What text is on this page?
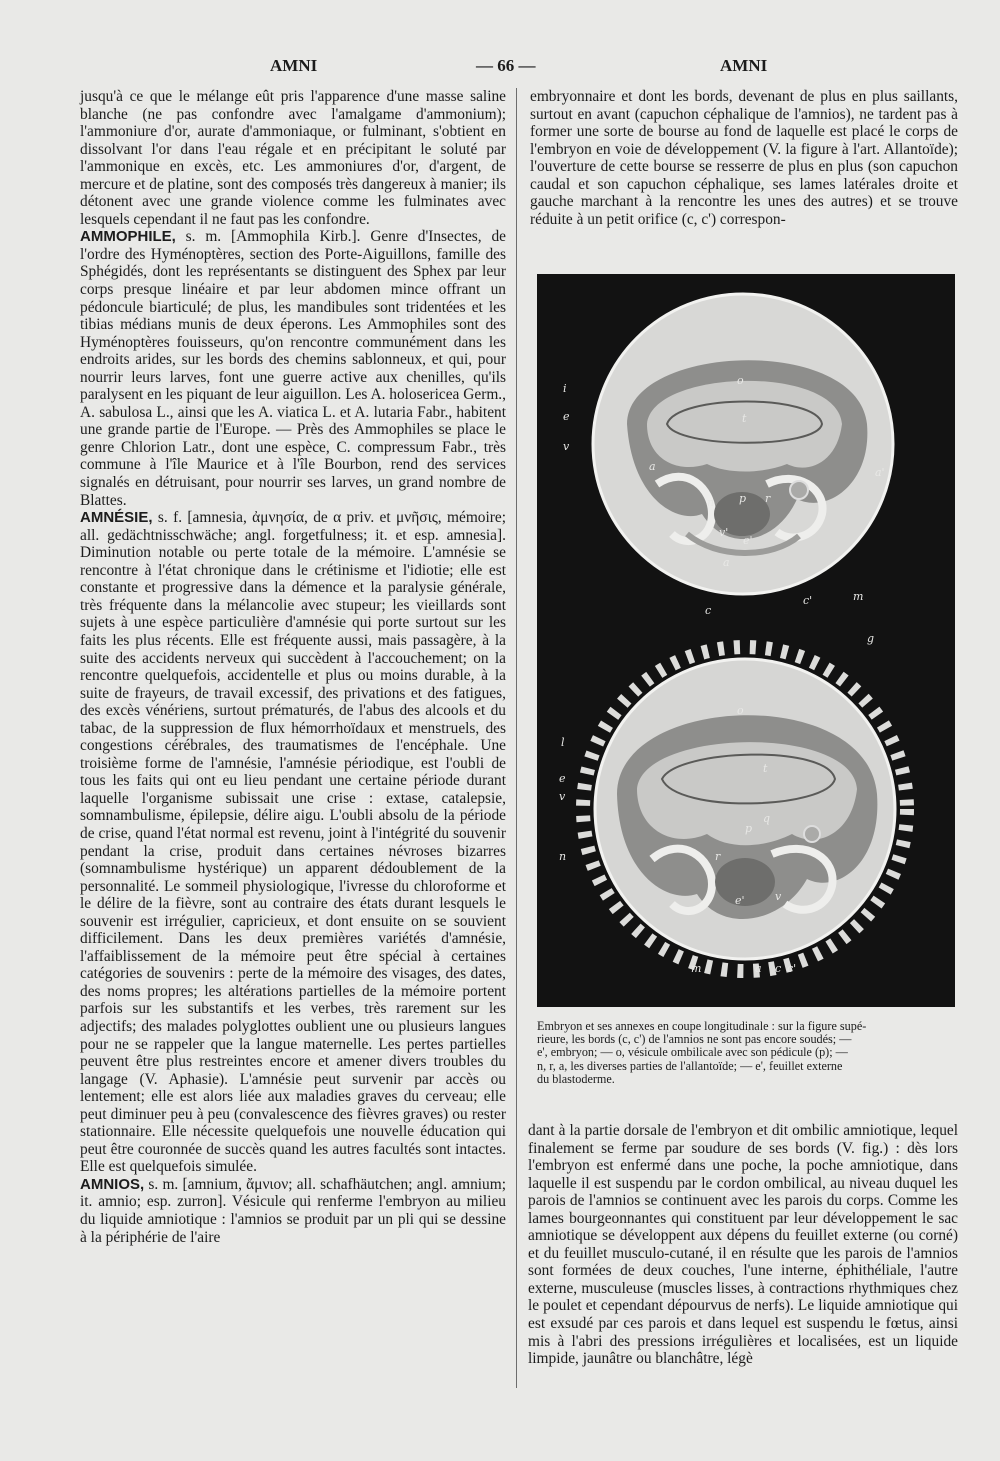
AMNI	— 66 —	AMNI

jusqu'à ce que le mélange eût pris l'apparence d'une masse saline blanche (ne pas confondre avec l'amalgame d'ammonium); l'ammoniure d'or, aurate d'ammoniaque, or fulminant, s'obtient en dissolvant l'or dans l'eau régale et en précipitant le soluté par l'ammonique en excès, etc. Les ammoniures d'or, d'argent, de mercure et de platine, sont des composés très dangereux à manier; ils détonent avec une grande violence comme les fulminates avec lesquels cependant il ne faut pas les confondre.

AMMOPHILE, s. m. [Ammophila Kirb.]. Genre d'Insectes, de l'ordre des Hyménoptères, section des Porte-Aiguillons, famille des Sphégidés, dont les représentants se distinguent des Sphex par leur corps presque linéaire et par leur abdomen mince offrant un pédoncule biarticulé; de plus, les mandibules sont tridentées et les tibias médians munis de deux éperons. Les Ammophiles sont des Hyménoptères fouisseurs, qu'on rencontre communément dans les endroits arides, sur les bords des chemins sablonneux, et qui, pour nourrir leurs larves, font une guerre active aux chenilles, qu'ils paralysent en les piquant de leur aiguillon. Les A. holosericea Germ., A. sabulosa L., ainsi que les A. viatica L. et A. lutaria Fabr., habitent une grande partie de l'Europe. — Près des Ammophiles se place le genre Chlorion Latr., dont une espèce, C. compressum Fabr., très commune à l'île Maurice et à l'île Bourbon, rend des services signalés en détruisant, pour nourrir ses larves, un grand nombre de Blattes.

AMNÉSIE, s. f. [amnesia, ἀμνησία, de α priv. et μνῆσις, mémoire; all. gedächtnisschwäche; angl. forgetfulness; it. et esp. amnesia]. Diminution notable ou perte totale de la mémoire. L'amnésie se rencontre à l'état chronique dans le crétinisme et l'idiotie; elle est constante et progressive dans la démence et la paralysie générale, très fréquente dans la mélancolie avec stupeur; les vieillards sont sujets à une espèce particulière d'amnésie qui porte surtout sur les faits les plus récents. Elle est fréquente aussi, mais passagère, à la suite des accidents nerveux qui succèdent à l'accouchement; on la rencontre quelquefois, accidentelle et plus ou moins durable, à la suite de frayeurs, de travail excessif, des privations et des fatigues, des excès vénériens, surtout prématurés, de l'abus des alcools et du tabac, de la suppression de flux hémorrhoïdaux et menstruels, des congestions cérébrales, des traumatismes de l'encéphale. Une troisième forme de l'amnésie, l'amnésie périodique, est l'oubli de tous les faits qui ont eu lieu pendant une certaine période durant laquelle l'organisme subissait une crise : extase, catalepsie, somnambulisme, épilepsie, délire aigu. L'oubli absolu de la période de crise, quand l'état normal est revenu, joint à l'intégrité du souvenir pendant la crise, produit dans certaines névroses bizarres (somnambulisme hystérique) un apparent dédoublement de la personnalité. Le sommeil physiologique, l'ivresse du chloroforme et le délire de la fièvre, sont au contraire des états durant lesquels le souvenir est irrégulier, capricieux, et dont ensuite on se souvient difficilement. Dans les deux premières variétés d'amnésie, l'affaiblissement de la mémoire peut être spécial à certaines catégories de souvenirs : perte de la mémoire des visages, des dates, des noms propres; les altérations partielles de la mémoire portent parfois sur les substantifs et les verbes, très rarement sur les adjectifs; des malades polyglottes oublient une ou plusieurs langues pour ne se rappeler que la langue maternelle. Les pertes partielles peuvent être plus restreintes encore et amener divers troubles du langage (V. Aphasie). L'amnésie peut survenir par accès ou lentement; elle est alors liée aux maladies graves du cerveau; elle peut diminuer peu à peu (convalescence des fièvres graves) ou rester stationnaire. Elle nécessite quelquefois une nouvelle éducation qui peut être couronnée de succès quand les autres facultés sont intactes. Elle est quelquefois simulée.

AMNIOS, s. m. [amnium, ἄμνιον; all. schafhäutchen; angl. amnium; it. amnio; esp. zurron]. Vésicule qui renferme l'embryon au milieu du liquide amniotique : l'amnios se produit par un pli qui se dessine à la périphérie de l'aire

embryonnaire et dont les bords, devenant de plus en plus saillants, surtout en avant (capuchon céphalique de l'amnios), ne tardent pas à former une sorte de bourse au fond de laquelle est placé le corps de l'embryon en voie de développement (V. la figure à l'art. Allantoïde); l'ouverture de cette bourse se resserre de plus en plus (son capuchon caudal et son capuchon céphalique, ses lames latérales droite et gauche marchant à la rencontre les unes des autres) et se trouve réduite à un petit orifice (c, c') correspon-

o
t
i
e
v
a	a'
n p r
v'
e'
a
c
c'	m
o
g
l
t
e
v
q
p
r
n
v
e'
m	a c c'
Embryon et ses annexes en coupe longitudinale : sur la figure supé-
rieure, les bords (c, c') de l'amnios ne sont pas encore soudés; —
e', embryon; — o, vésicule ombilicale avec son pédicule (p); —
n, r, a, les diverses parties de l'allantoïde; — e', feuillet externe
du blastoderme.

dant à la partie dorsale de l'embryon et dit ombilic amniotique, lequel finalement se ferme par soudure de ses bords (V. fig.) : dès lors l'embryon est enfermé dans une poche, la poche amniotique, dans laquelle il est suspendu par le cordon ombilical, au niveau duquel les parois de l'amnios se continuent avec les parois du corps. Comme les lames bourgeonnantes qui constituent par leur développement le sac amniotique se développent aux dépens du feuillet externe (ou corné) et du feuillet musculo-cutané, il en résulte que les parois de l'amnios sont formées de deux couches, l'une interne, éphithéliale, l'autre externe, musculeuse (muscles lisses, à contractions rhythmiques chez le poulet et cependant dépourvus de nerfs). Le liquide amniotique qui est exsudé par ces parois et dans lequel est suspendu le fœtus, ainsi mis à l'abri des pressions irrégulières et localisées, est un liquide limpide, jaunâtre ou blanchâtre, légè
